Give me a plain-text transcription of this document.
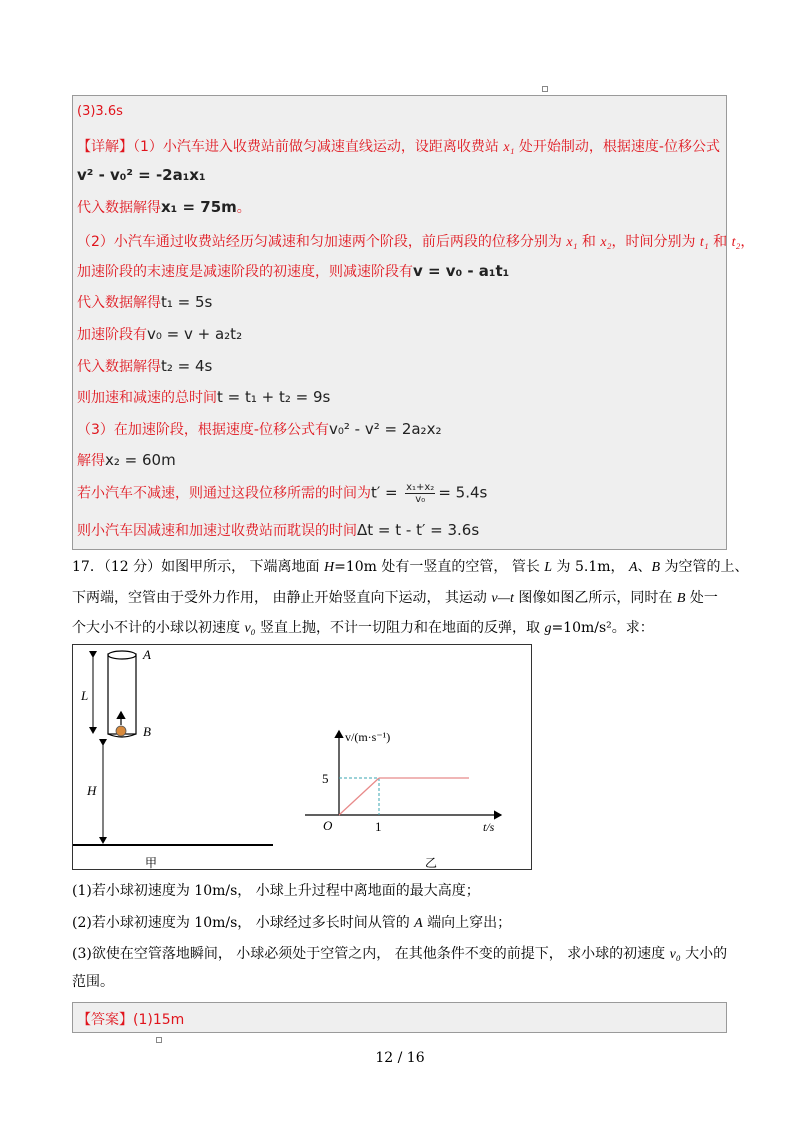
(3)3.6s
【详解】（1）小汽车进入收费站前做匀减速直线运动，设距离收费站 x₁ 处开始制动，根据速度-位移公式
v² - v₀² = -2a₁x₁
代入数据解得x₁ = 75m。
（2）小汽车通过收费站经历匀减速和匀加速两个阶段，前后两段的位移分别为 x₁ 和 x₂，时间分别为 t₁ 和 t₂，
加速阶段的末速度是减速阶段的初速度，则减速阶段有v = v₀ - a₁t₁
代入数据解得t₁ = 5s
加速阶段有v₀ = v + a₂t₂
代入数据解得t₂ = 4s
则加速和减速的总时间t = t₁ + t₂ = 9s
（3）在加速阶段，根据速度-位移公式有v₀² - v² = 2a₂x₂
解得x₂ = 60m
若小汽车不减速，则通过这段位移所需的时间为$t' = \frac{\text{x₁+x₂}}{\text{v₀}} = 5.4s$
则小汽车因减速和加速过收费站而耽误的时间Δt = t - t′ = 3.6s
17．（12 分）如图甲所示， 下端离地面 H=10m 处有一竖直的空管， 管长 L 为 5.1m， A、B 为空管的上、
下两端，空管由于受外力作用， 由静止开始竖直向下运动， 其运动 v—t 图像如图乙所示，同时在 B 处一
个大小不计的小球以初速度 v₀ 竖直上抛，不计一切阻力和在地面的反弹，取 g=10m/s²。求：
A
B
L
H
甲
v/(m·s⁻¹)
t/s
O
5
1
乙
(1)若小球初速度为 10m/s， 小球上升过程中离地面的最大高度；
(2)若小球初速度为 10m/s， 小球经过多长时间从管的 A 端向上穿出；
(3)欲使在空管落地瞬间， 小球必须处于空管之内， 在其他条件不变的前提下， 求小球的初速度 v₀ 大小的
范围。
【答案】(1)15m
12 / 16
